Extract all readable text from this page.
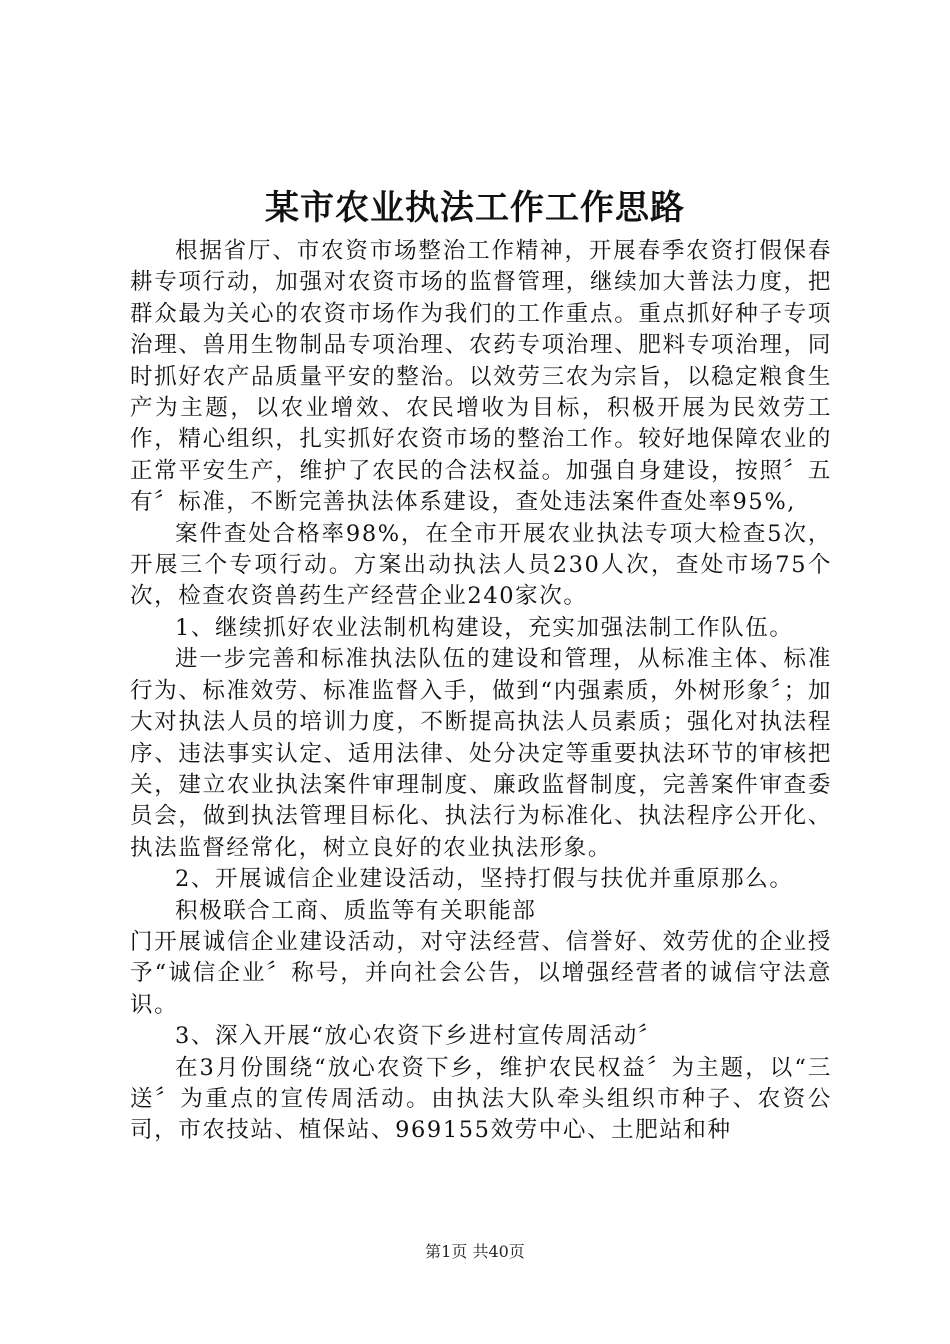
某市农业执法工作工作思路

根据省厅、市农资市场整治工作精神，开展春季农资打假保春耕专项行动，加强对农资市场的监督管理，继续加大普法力度，把群众最为关心的农资市场作为我们的工作重点。重点抓好种子专项治理、兽用生物制品专项治理、农药专项治理、肥料专项治理，同时抓好农产品质量平安的整治。以效劳三农为宗旨，以稳定粮食生产为主题，以农业增效、农民增收为目标，积极开展为民效劳工作，精心组织，扎实抓好农资市场的整治工作。较好地保障农业的正常平安生产，维护了农民的合法权益。加强自身建设，按照〞五有〞标准，不断完善执法体系建设，查处违法案件查处率95%,

案件查处合格率98%，在全市开展农业执法专项大检查5次，开展三个专项行动。方案出动执法人员230人次，查处市场75个次，检查农资兽药生产经营企业240家次。

1、继续抓好农业法制机构建设，充实加强法制工作队伍。

进一步完善和标准执法队伍的建设和管理，从标准主体、标准行为、标准效劳、标准监督入手，做到“内强素质，外树形象〞；加大对执法人员的培训力度，不断提高执法人员素质；强化对执法程序、违法事实认定、适用法律、处分决定等重要执法环节的审核把关，建立农业执法案件审理制度、廉政监督制度，完善案件审查委员会，做到执法管理目标化、执法行为标准化、执法程序公开化、执法监督经常化，树立良好的农业执法形象。

2、开展诚信企业建设活动，坚持打假与扶优并重原那么。

积极联合工商、质监等有关职能部

门开展诚信企业建设活动，对守法经营、信誉好、效劳优的企业授予“诚信企业〞称号，并向社会公告，以增强经营者的诚信守法意识。

3、深入开展“放心农资下乡进村宣传周活动〞

在3月份围绕“放心农资下乡，维护农民权益〞为主题，以“三送〞为重点的宣传周活动。由执法大队牵头组织市种子、农资公司，市农技站、植保站、969155效劳中心、土肥站和种

第1页 共40页
